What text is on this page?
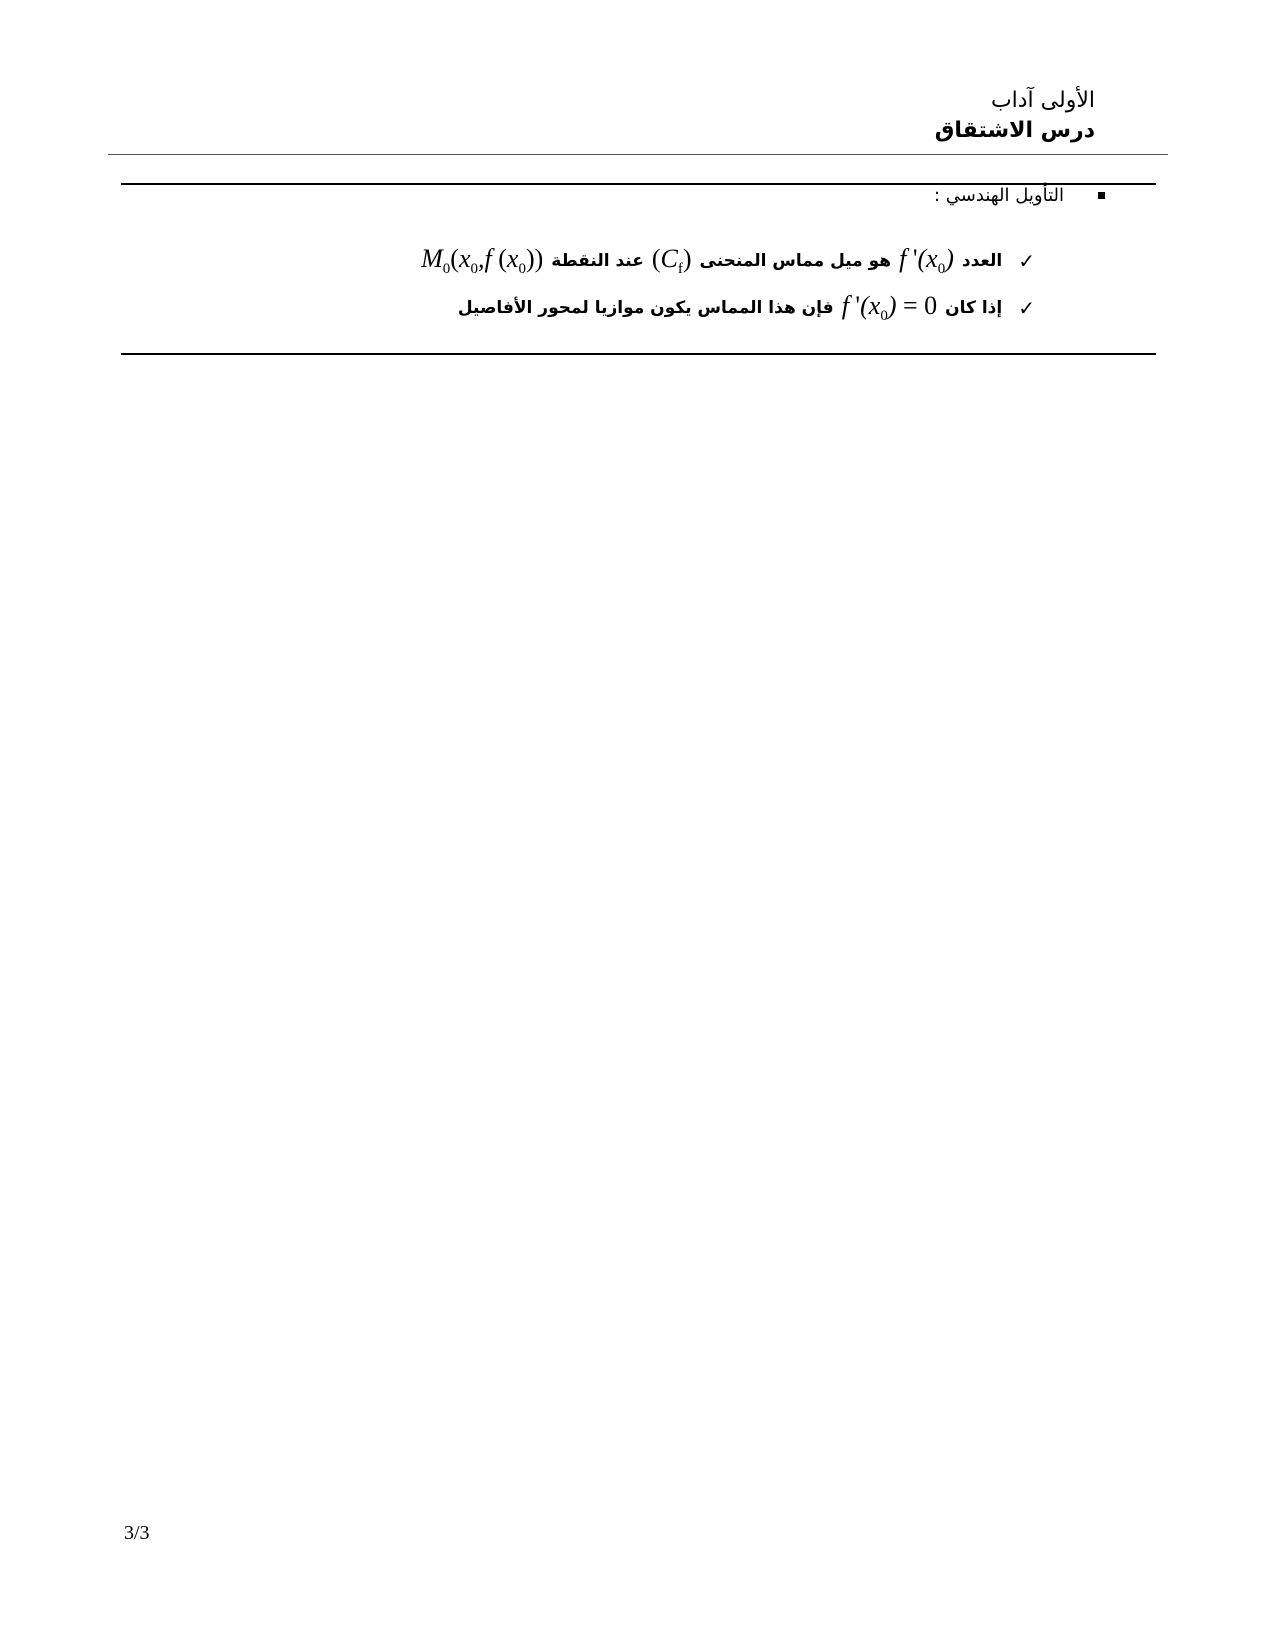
الأولى آداب
درس الاشتقاق
التأويل الهندسي :
✓
العدد
f '$(x_0)$
هو ميل مماس المنحنى
$(C_f)$
عند النقطة
$M_0(x_0,f$ $(x_0)$)
✓
إذا كان
f '$(x_0) = 0$
فإن هذا المماس يكون موازيا لمحور الأفاصيل
3/3
